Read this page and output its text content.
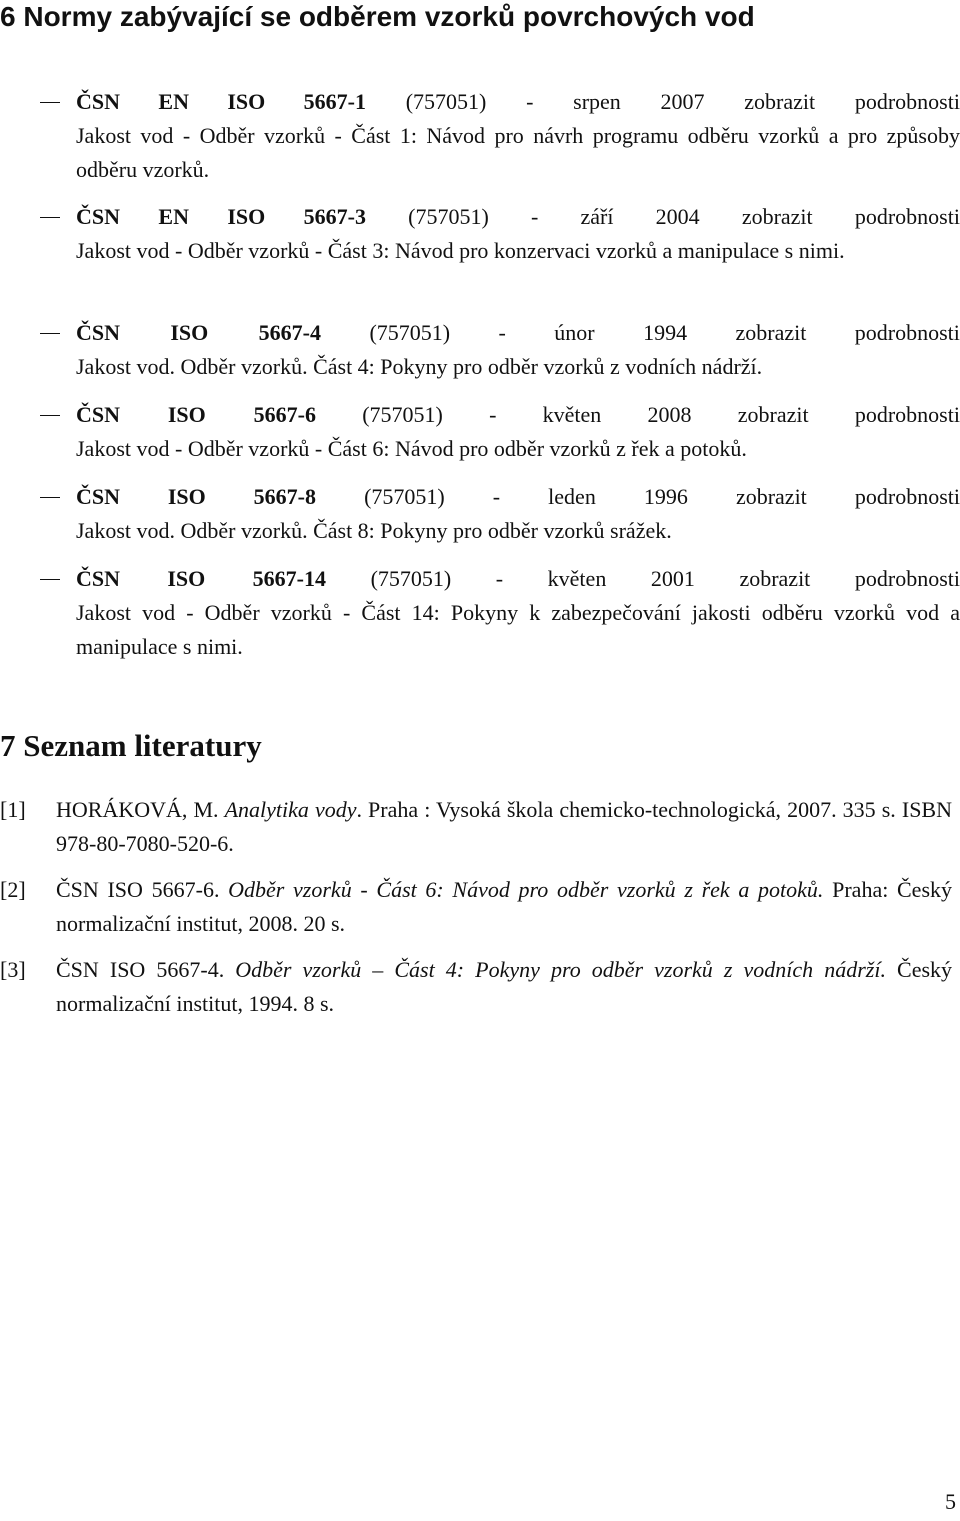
6 Normy zabývající se odběrem vzorků povrchových vod
ČSN EN ISO 5667-1 (757051) - srpen 2007 zobrazit podrobnosti

Jakost vod - Odběr vzorků - Část 1: Návod pro návrh programu odběru vzorků a pro způsoby odběru vzorků.

ČSN EN ISO 5667-3 (757051) - září 2004 zobrazit podrobnosti

Jakost vod - Odběr vzorků - Část 3: Návod pro konzervaci vzorků a manipulace s nimi.

ČSN ISO 5667-4 (757051) - únor 1994 zobrazit podrobnosti

Jakost vod. Odběr vzorků. Část 4: Pokyny pro odběr vzorků z vodních nádrží.

ČSN ISO 5667-6 (757051) - květen 2008 zobrazit podrobnosti

Jakost vod - Odběr vzorků - Část 6: Návod pro odběr vzorků z řek a potoků.

ČSN ISO 5667-8 (757051) - leden 1996 zobrazit podrobnosti

Jakost vod. Odběr vzorků. Část 8: Pokyny pro odběr vzorků srážek.

ČSN ISO 5667-14 (757051) - květen 2001 zobrazit podrobnosti

Jakost vod - Odběr vzorků - Část 14: Pokyny k zabezpečování jakosti odběru vzorků vod a manipulace s nimi.

7 Seznam literatury
[1] HORÁKOVÁ, M. Analytika vody. Praha : Vysoká škola chemicko-technologická, 2007. 335 s. ISBN 978-80-7080-520-6.

[2] ČSN ISO 5667-6. Odběr vzorků - Část 6: Návod pro odběr vzorků z řek a potoků. Praha: Český normalizační institut, 2008. 20 s.

[3] ČSN ISO 5667-4. Odběr vzorků – Část 4: Pokyny pro odběr vzorků z vodních nádrží. Český normalizační institut, 1994. 8 s.

5
